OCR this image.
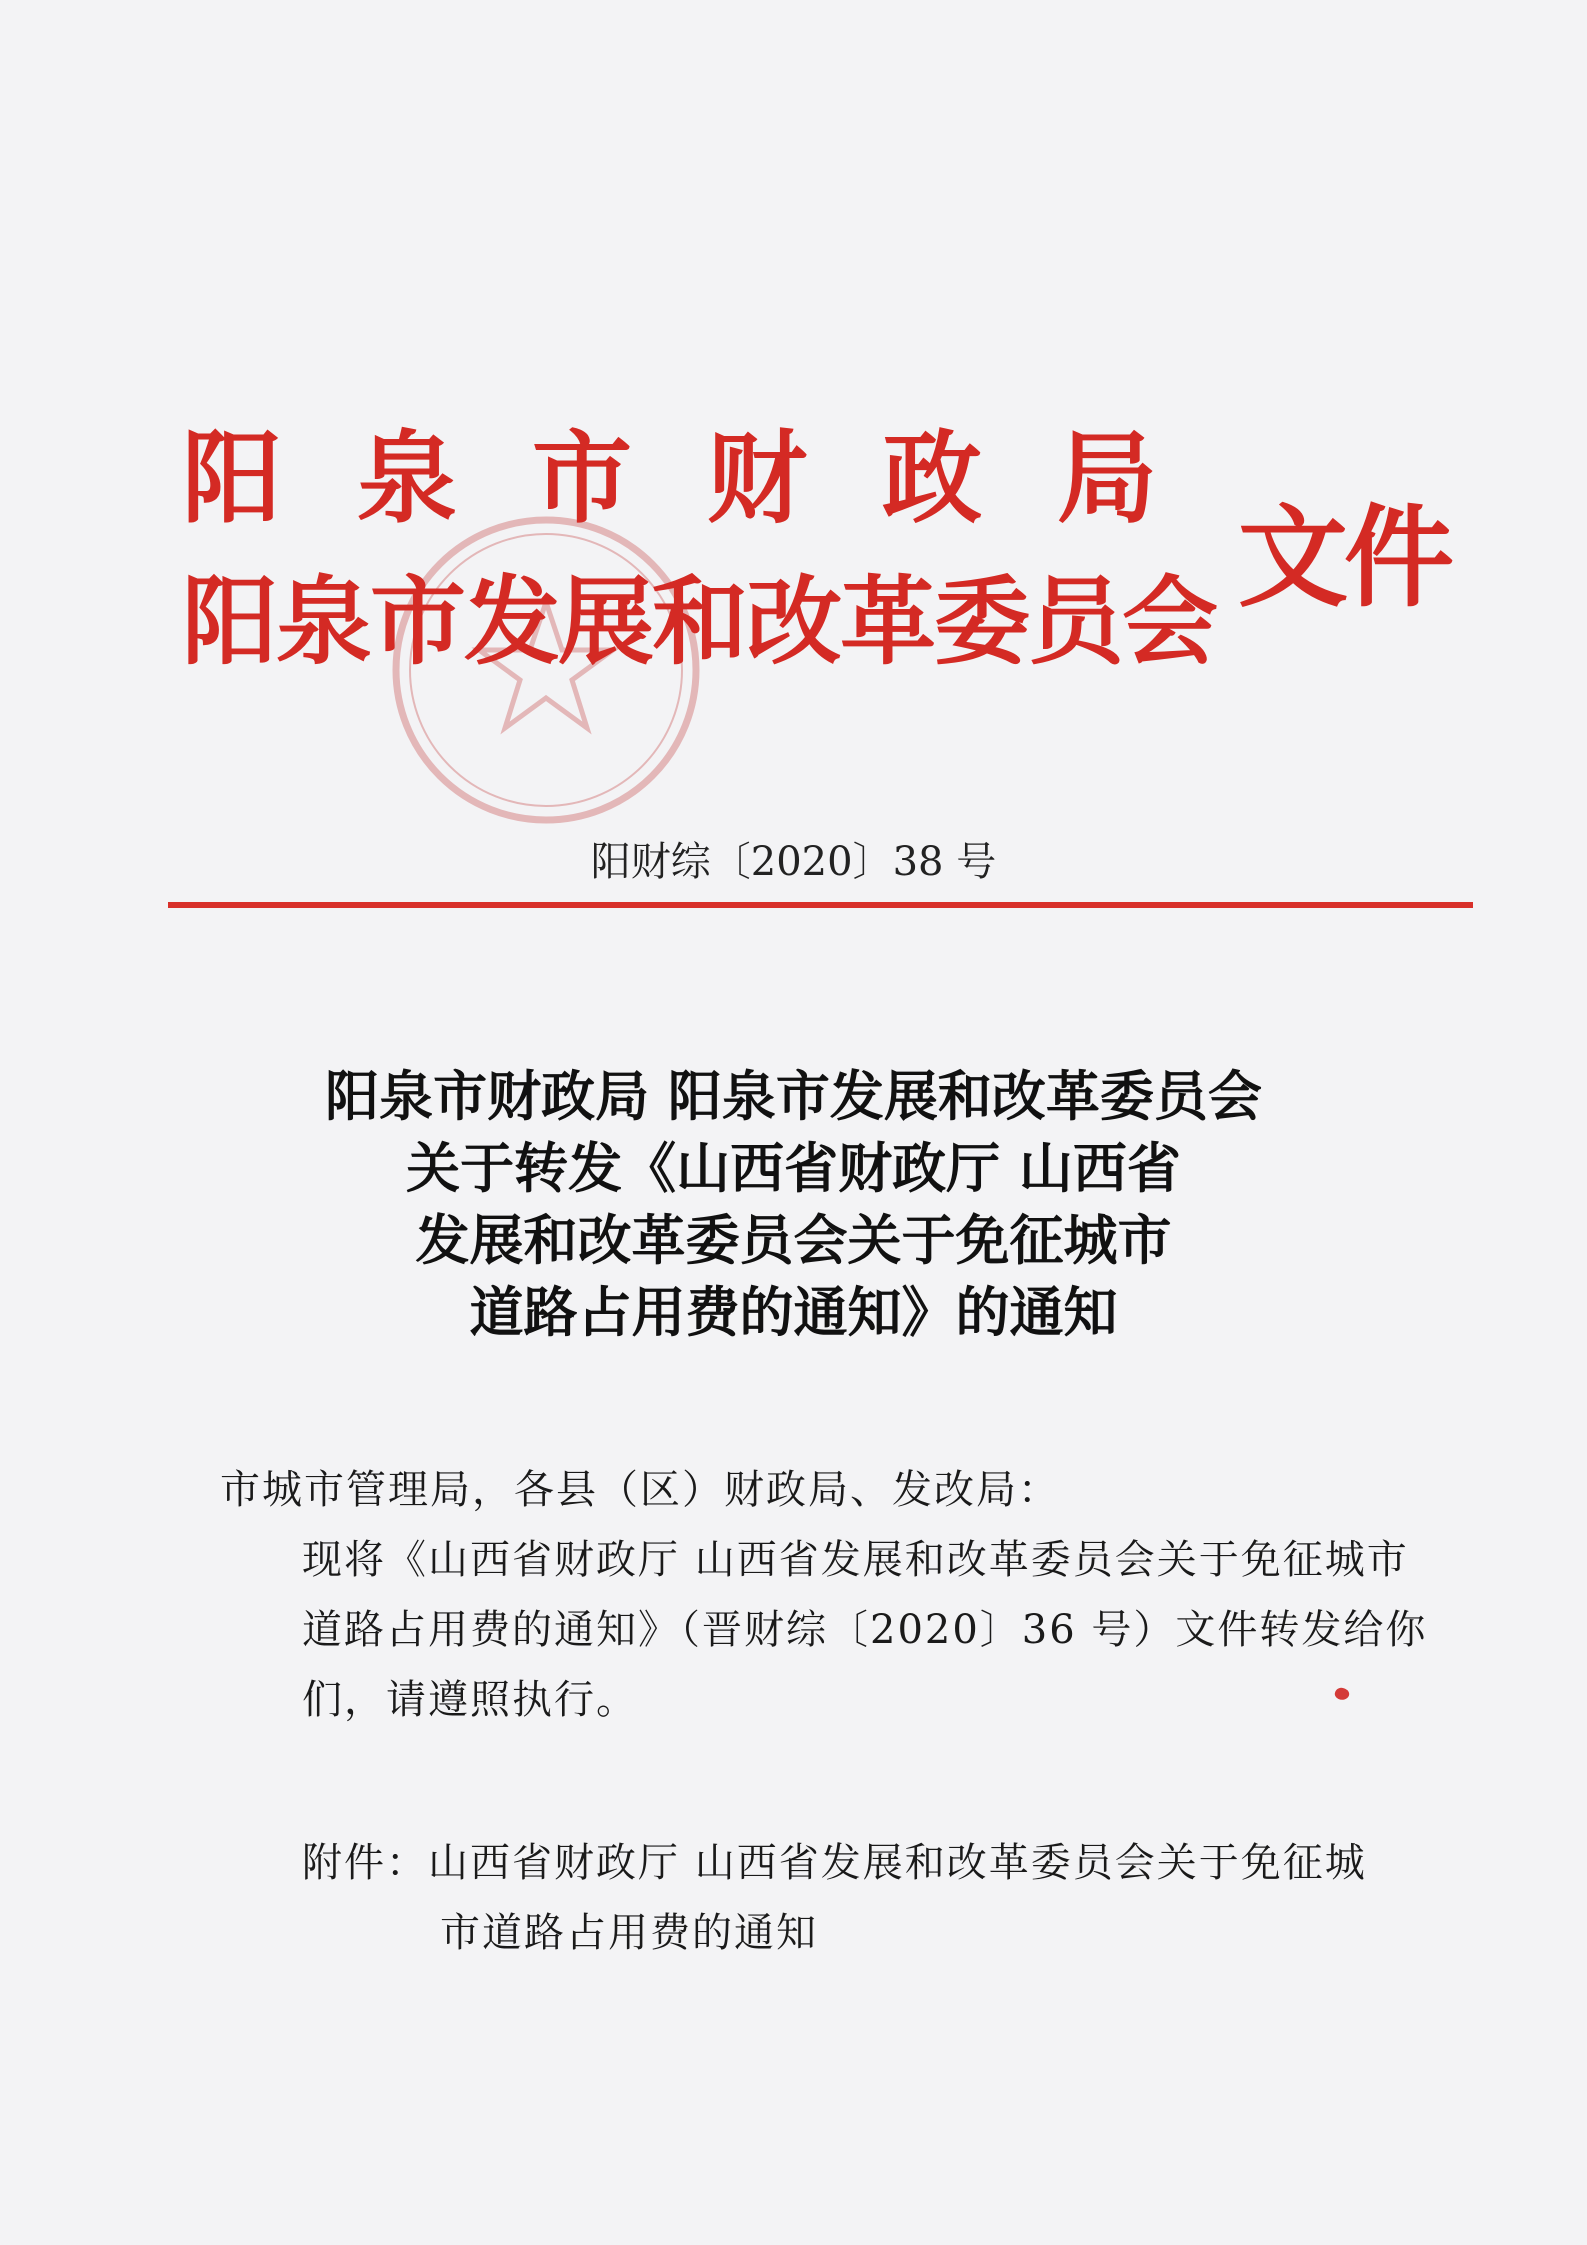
阳泉市财政局
阳泉市发展和改革委员会 文件
阳财综〔2020〕38 号
阳泉市财政局 阳泉市发展和改革委员会
关于转发《山西省财政厅 山西省
发展和改革委员会关于免征城市
道路占用费的通知》的通知
市城市管理局，各县（区）财政局、发改局：

现将《山西省财政厅 山西省发展和改革委员会关于免征城市道路占用费的通知》（晋财综〔2020〕36 号）文件转发给你们，请遵照执行。

附件：山西省财政厅 山西省发展和改革委员会关于免征城
市道路占用费的通知
